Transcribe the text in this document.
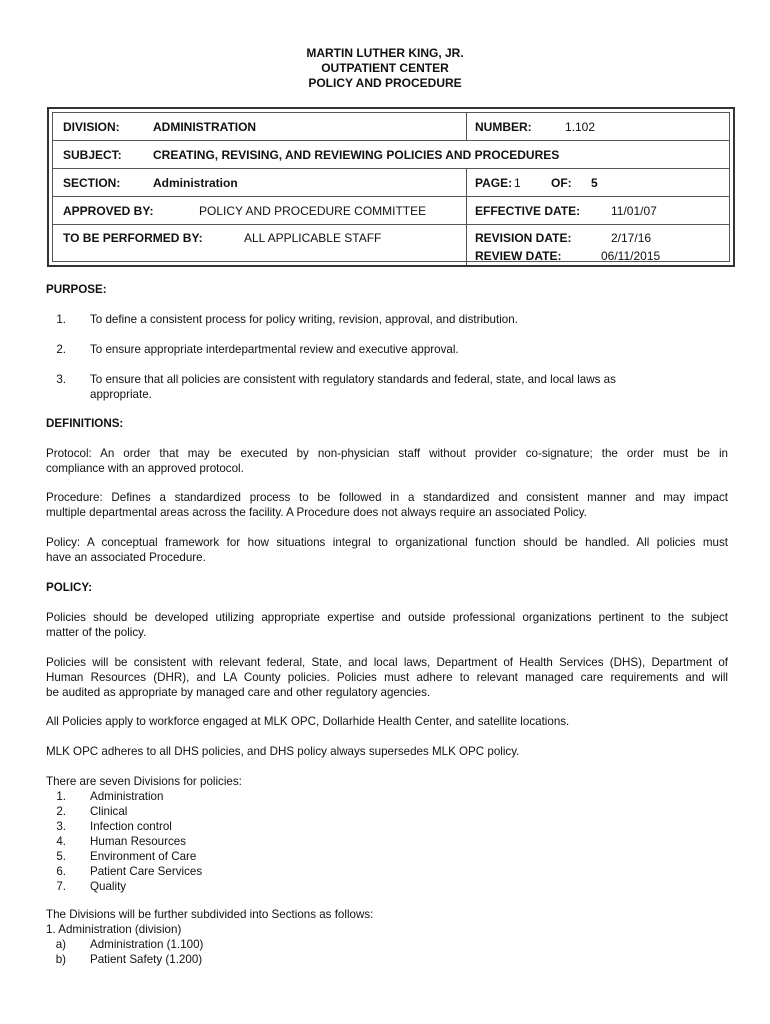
MARTIN LUTHER KING, JR.
OUTPATIENT CENTER
POLICY AND PROCEDURE
DIVISION:	ADMINISTRATION	NUMBER:	1.102
SUBJECT:	CREATING, REVISING, AND REVIEWING POLICIES AND PROCEDURES
SECTION:	Administration	PAGE: 1	OF: 5
APPROVED BY:	POLICY AND PROCEDURE COMMITTEE	EFFECTIVE DATE:	11/01/07
TO BE PERFORMED BY:	ALL APPLICABLE STAFF	REVISION DATE:	2/17/16
REVIEW DATE:	06/11/2015
PURPOSE:
1. To define a consistent process for policy writing, revision, approval, and distribution.
2. To ensure appropriate interdepartmental review and executive approval.
3. To ensure that all policies are consistent with regulatory standards and federal, state, and local laws as
appropriate.
DEFINITIONS:
Protocol: An order that may be executed by non-physician staff without provider co-signature; the order must be in
compliance with an approved protocol.
Procedure: Defines a standardized process to be followed in a standardized and consistent manner and may impact
multiple departmental areas across the facility. A Procedure does not always require an associated Policy.
Policy: A conceptual framework for how situations integral to organizational function should be handled. All policies must
have an associated Procedure.
POLICY:
Policies should be developed utilizing appropriate expertise and outside professional organizations pertinent to the subject
matter of the policy.
Policies will be consistent with relevant federal, State, and local laws, Department of Health Services (DHS), Department of
Human Resources (DHR), and LA County policies. Policies must adhere to relevant managed care requirements and will
be audited as appropriate by managed care and other regulatory agencies.
All Policies apply to workforce engaged at MLK OPC, Dollarhide Health Center, and satellite locations.
MLK OPC adheres to all DHS policies, and DHS policy always supersedes MLK OPC policy.
There are seven Divisions for policies:
1. Administration
2. Clinical
3. Infection control
4. Human Resources
5. Environment of Care
6. Patient Care Services
7. Quality
The Divisions will be further subdivided into Sections as follows:
1. Administration (division)
a) Administration (1.100)
b) Patient Safety (1.200)
